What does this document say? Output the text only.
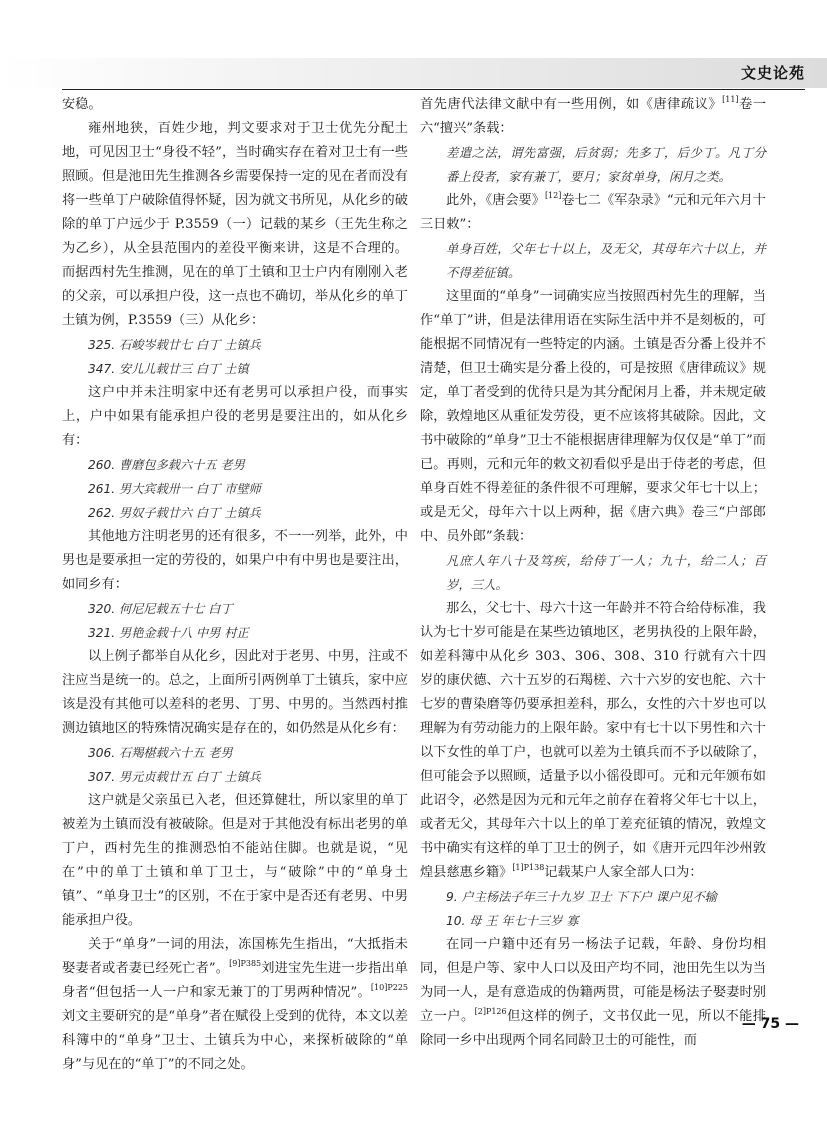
文史论苑

安稳。

雍州地狭，百姓少地，判文要求对于卫士优先分配土地，可见因卫士“身役不轻”，当时确实存在着对卫士有一些照顾。但是池田先生推测各乡需要保持一定的见在者而没有将一些单丁户破除值得怀疑，因为就文书所见，从化乡的破除的单丁户远少于 P.3559（一）记载的某乡（王先生称之为乙乡），从全县范围内的差役平衡来讲，这是不合理的。而据西村先生推测，见在的单丁土镇和卫士户内有刚刚入老的父亲，可以承担户役，这一点也不确切，举从化乡的单丁土镇为例，P.3559（三）从化乡：

325. 石峻岑载廿七 白丁 土镇兵

347. 安儿儿载廿三 白丁 土镇

这户中并未注明家中还有老男可以承担户役，而事实上，户中如果有能承担户役的老男是要注出的，如从化乡有：

260. 曹磨包多载六十五 老男

261. 男大宾载卅一 白丁 市壁师

262. 男奴子载廿六 白丁 土镇兵

其他地方注明老男的还有很多，不一一列举，此外，中男也是要承担一定的劳役的，如果户中有中男也是要注出，如同乡有：

320. 何尼尼载五十七 白丁

321. 男艳金载十八 中男 村正

以上例子都举自从化乡，因此对于老男、中男，注或不注应当是统一的。总之，上面所引两例单丁土镇兵，家中应该是没有其他可以差科的老男、丁男、中男的。当然西村推测边镇地区的特殊情况确实是存在的，如仍然是从化乡有：

306. 石羯椹载六十五 老男

307. 男元贞载廿五 白丁 土镇兵

这户就是父亲虽已入老，但还算健壮，所以家里的单丁被差为土镇而没有被破除。但是对于其他没有标出老男的单丁户，西村先生的推测恐怕不能站住脚。也就是说，“见在”中的单丁土镇和单丁卫士，与“破除”中的“单身土镇”、“单身卫士”的区别，不在于家中是否还有老男、中男能承担户役。

关于“单身”一词的用法，冻国栋先生指出，“大抵指未娶妻者或者妻已经死亡者”。$^{[9]P385}$刘进宝先生进一步指出单身者“但包括一人一户和家无兼丁的丁男两种情况”。$^{[10]P225}$刘文主要研究的是“单身”者在赋役上受到的优待，本文以差科簿中的“单身”卫士、土镇兵为中心，来探析破除的“单身”与见在的“单丁”的不同之处。

首先唐代法律文献中有一些用例，如《唐律疏议》[11]卷一六“擅兴”条载：

差遣之法，谓先富强，后贫弱；先多丁，后少丁。凡丁分番上役者，家有兼丁，要月；家贫单身，闲月之类。

此外，《唐会要》[12]卷七二《军杂录》“元和元年六月十三日敕”：

单身百姓，父年七十以上，及无父，其母年六十以上，并不得差征镇。

这里面的“单身”一词确实应当按照西村先生的理解，当作“单丁”讲，但是法律用语在实际生活中并不是刻板的，可能根据不同情况有一些特定的内涵。土镇是否分番上役并不清楚，但卫士确实是分番上役的，可是按照《唐律疏议》规定，单丁者受到的优待只是为其分配闲月上番，并未规定破除，敦煌地区从重征发劳役，更不应该将其破除。因此，文书中破除的“单身”卫士不能根据唐律理解为仅仅是“单丁”而已。再则，元和元年的敕文初看似乎是出于侍老的考虑，但单身百姓不得差征的条件很不可理解，要求父年七十以上；或是无父，母年六十以上两种，据《唐六典》卷三“户部郎中、员外郎”条载：

凡庶人年八十及笃疾，给侍丁一人；九十，给二人；百岁，三人。

那么，父七十、母六十这一年龄并不符合给侍标准，我认为七十岁可能是在某些边镇地区，老男执役的上限年龄，如差科簿中从化乡 303、306、308、310 行就有六十四岁的康伏德、六十五岁的石羯槎、六十六岁的安也舵、六十七岁的曹染磨等仍要承担差科，那么，女性的六十岁也可以理解为有劳动能力的上限年龄。家中有七十以下男性和六十以下女性的单丁户，也就可以差为土镇兵而不予以破除了，但可能会予以照顾，适量予以小徭役即可。元和元年颁布如此诏令，必然是因为元和元年之前存在着将父年七十以上，或者无父，其母年六十以上的单丁差充征镇的情况，敦煌文书中确实有这样的单丁卫士的例子，如《唐开元四年沙州敦煌县慈惠乡籍》$^{[1]P138}$记载某户人家全部人口为：

9. 户主杨法子年三十九岁 卫士 下下户 课户见不输

10. 母 王 年七十三岁 寡

在同一户籍中还有另一杨法子记载，年龄、身份均相同，但是户等、家中人口以及田产均不同，池田先生以为当为同一人，是有意造成的伪籍两贯，可能是杨法子娶妻时别立一户。$^{[2]P126}$但这样的例子，文书仅此一见，所以不能排除同一乡中出现两个同名同龄卫士的可能性，而

— 75 —
